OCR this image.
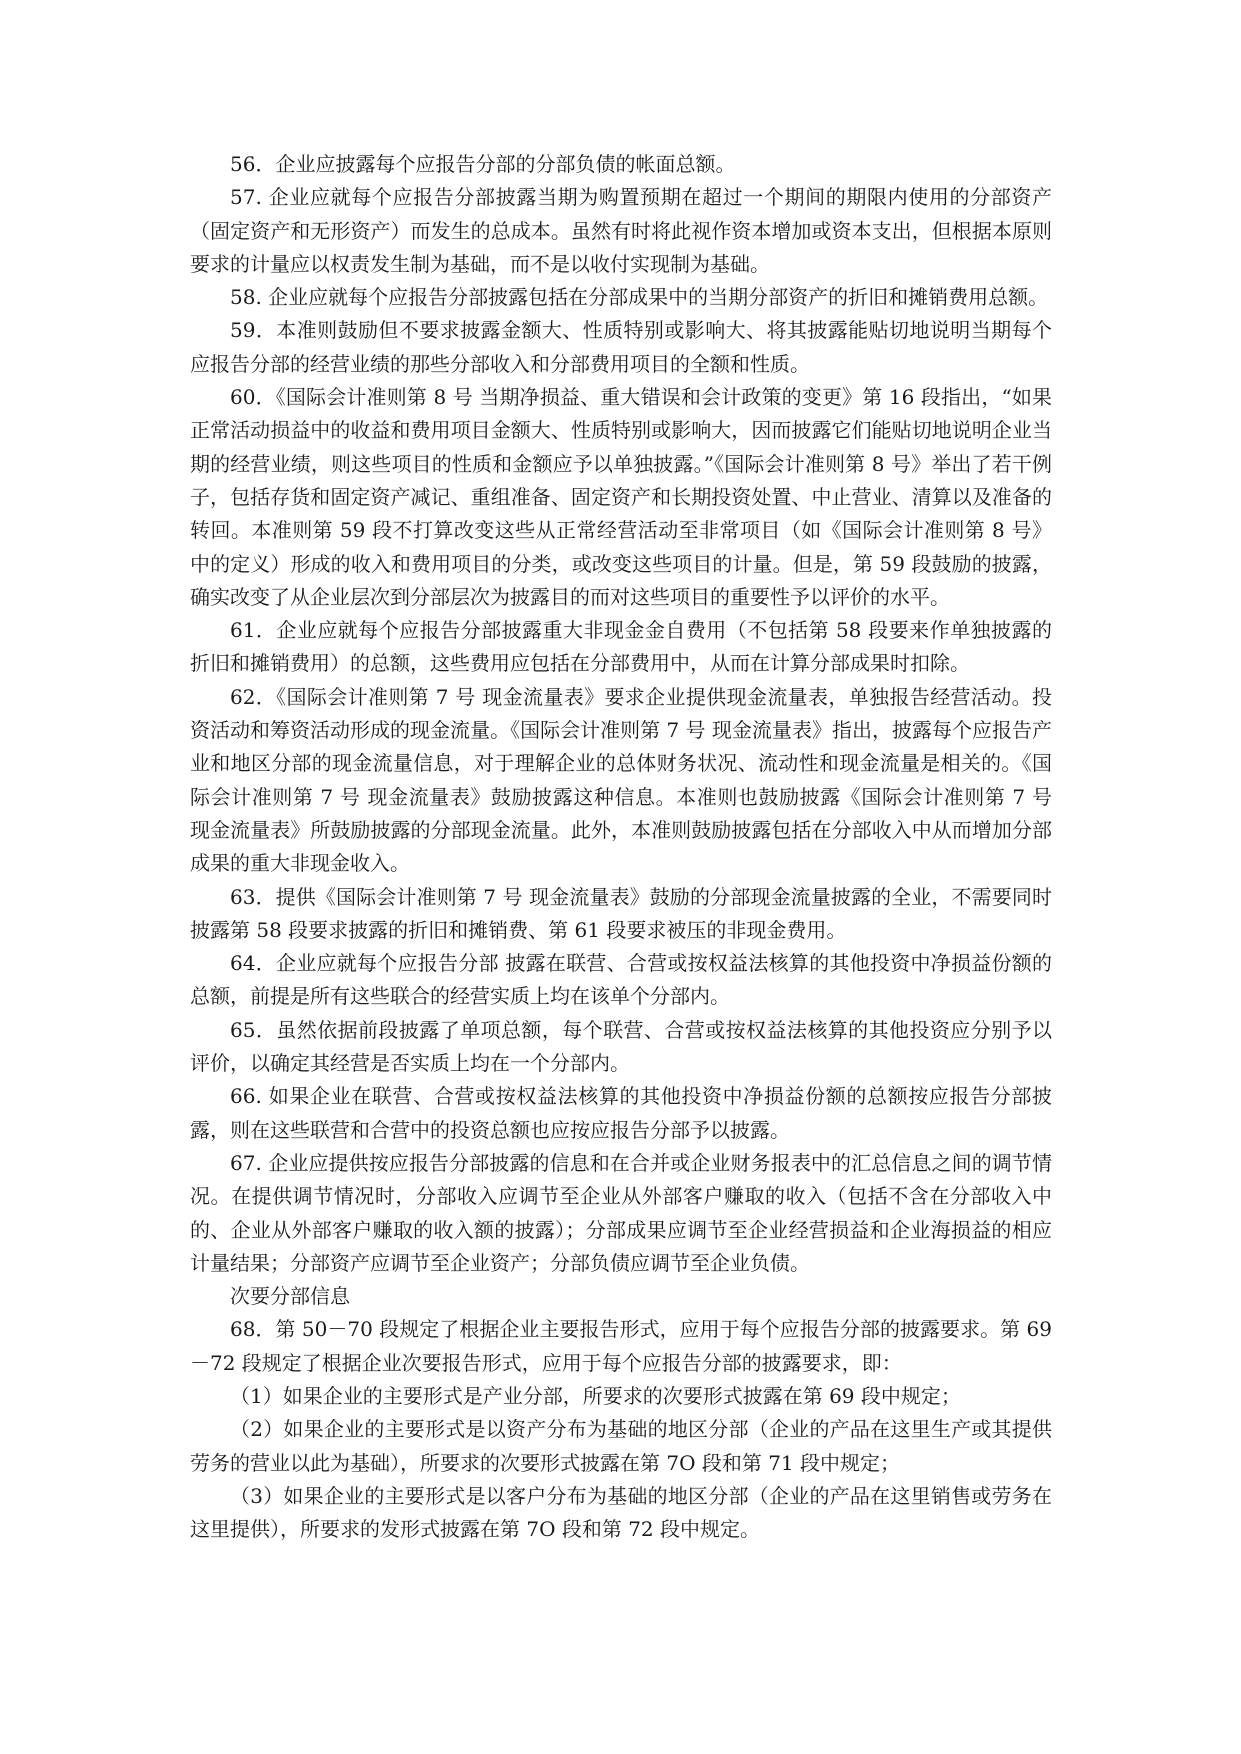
56．企业应披露每个应报告分部的分部负债的帐面总额。

57. 企业应就每个应报告分部披露当期为购置预期在超过一个期间的期限内使用的分部资产（固定资产和无形资产）而发生的总成本。虽然有时将此视作资本增加或资本支出，但根据本原则要求的计量应以权责发生制为基础，而不是以收付实现制为基础。

58. 企业应就每个应报告分部披露包括在分部成果中的当期分部资产的折旧和摊销费用总额。

59．本准则鼓励但不要求披露金额大、性质特别或影响大、将其披露能贴切地说明当期每个应报告分部的经营业绩的那些分部收入和分部费用项目的全额和性质。

60．《国际会计准则第 8 号 当期净损益、重大错误和会计政策的变更》第 16 段指出，“如果正常活动损益中的收益和费用项目金额大、性质特别或影响大，因而披露它们能贴切地说明企业当期的经营业绩，则这些项目的性质和金额应予以单独披露。”《国际会计准则第 8 号》举出了若干例子，包括存货和固定资产减记、重组准备、固定资产和长期投资处置、中止营业、清算以及准备的转回。本准则第 59 段不打算改变这些从正常经营活动至非常项目（如《国际会计准则第 8 号》中的定义）形成的收入和费用项目的分类，或改变这些项目的计量。但是，第 59 段鼓励的披露，确实改变了从企业层次到分部层次为披露目的而对这些项目的重要性予以评价的水平。

61．企业应就每个应报告分部披露重大非现金金自费用（不包括第 58 段要来作单独披露的折旧和摊销费用）的总额，这些费用应包括在分部费用中，从而在计算分部成果时扣除。

62．《国际会计准则第 7 号 现金流量表》要求企业提供现金流量表，单独报告经营活动。投资活动和筹资活动形成的现金流量。《国际会计准则第 7 号 现金流量表》指出，披露每个应报告产业和地区分部的现金流量信息，对于理解企业的总体财务状况、流动性和现金流量是相关的。《国际会计准则第 7 号 现金流量表》鼓励披露这种信息。本准则也鼓励披露《国际会计准则第 7 号 现金流量表》所鼓励披露的分部现金流量。此外，本准则鼓励披露包括在分部收入中从而增加分部成果的重大非现金收入。

63．提供《国际会计准则第 7 号 现金流量表》鼓励的分部现金流量披露的全业，不需要同时披露第 58 段要求披露的折旧和摊销费、第 61 段要求被压的非现金费用。

64．企业应就每个应报告分部 披露在联营、合营或按权益法核算的其他投资中净损益份额的总额，前提是所有这些联合的经营实质上均在该单个分部内。

65．虽然依据前段披露了单项总额，每个联营、合营或按权益法核算的其他投资应分别予以评价，以确定其经营是否实质上均在一个分部内。

66. 如果企业在联营、合营或按权益法核算的其他投资中净损益份额的总额按应报告分部披露，则在这些联营和合营中的投资总额也应按应报告分部予以披露。

67. 企业应提供按应报告分部披露的信息和在合并或企业财务报表中的汇总信息之间的调节情况。在提供调节情况时，分部收入应调节至企业从外部客户赚取的收入（包括不含在分部收入中的、企业从外部客户赚取的收入额的披露）；分部成果应调节至企业经营损益和企业海损益的相应计量结果；分部资产应调节至企业资产；分部负债应调节至企业负债。

次要分部信息

68．第 50－70 段规定了根据企业主要报告形式，应用于每个应报告分部的披露要求。第 69－72 段规定了根据企业次要报告形式，应用于每个应报告分部的披露要求，即：

（1）如果企业的主要形式是产业分部，所要求的次要形式披露在第 69 段中规定；

（2）如果企业的主要形式是以资产分布为基础的地区分部（企业的产品在这里生产或其提供劳务的营业以此为基础），所要求的次要形式披露在第 7O 段和第 71 段中规定；

（3）如果企业的主要形式是以客户分布为基础的地区分部（企业的产品在这里销售或劳务在这里提供），所要求的发形式披露在第 7O 段和第 72 段中规定。
